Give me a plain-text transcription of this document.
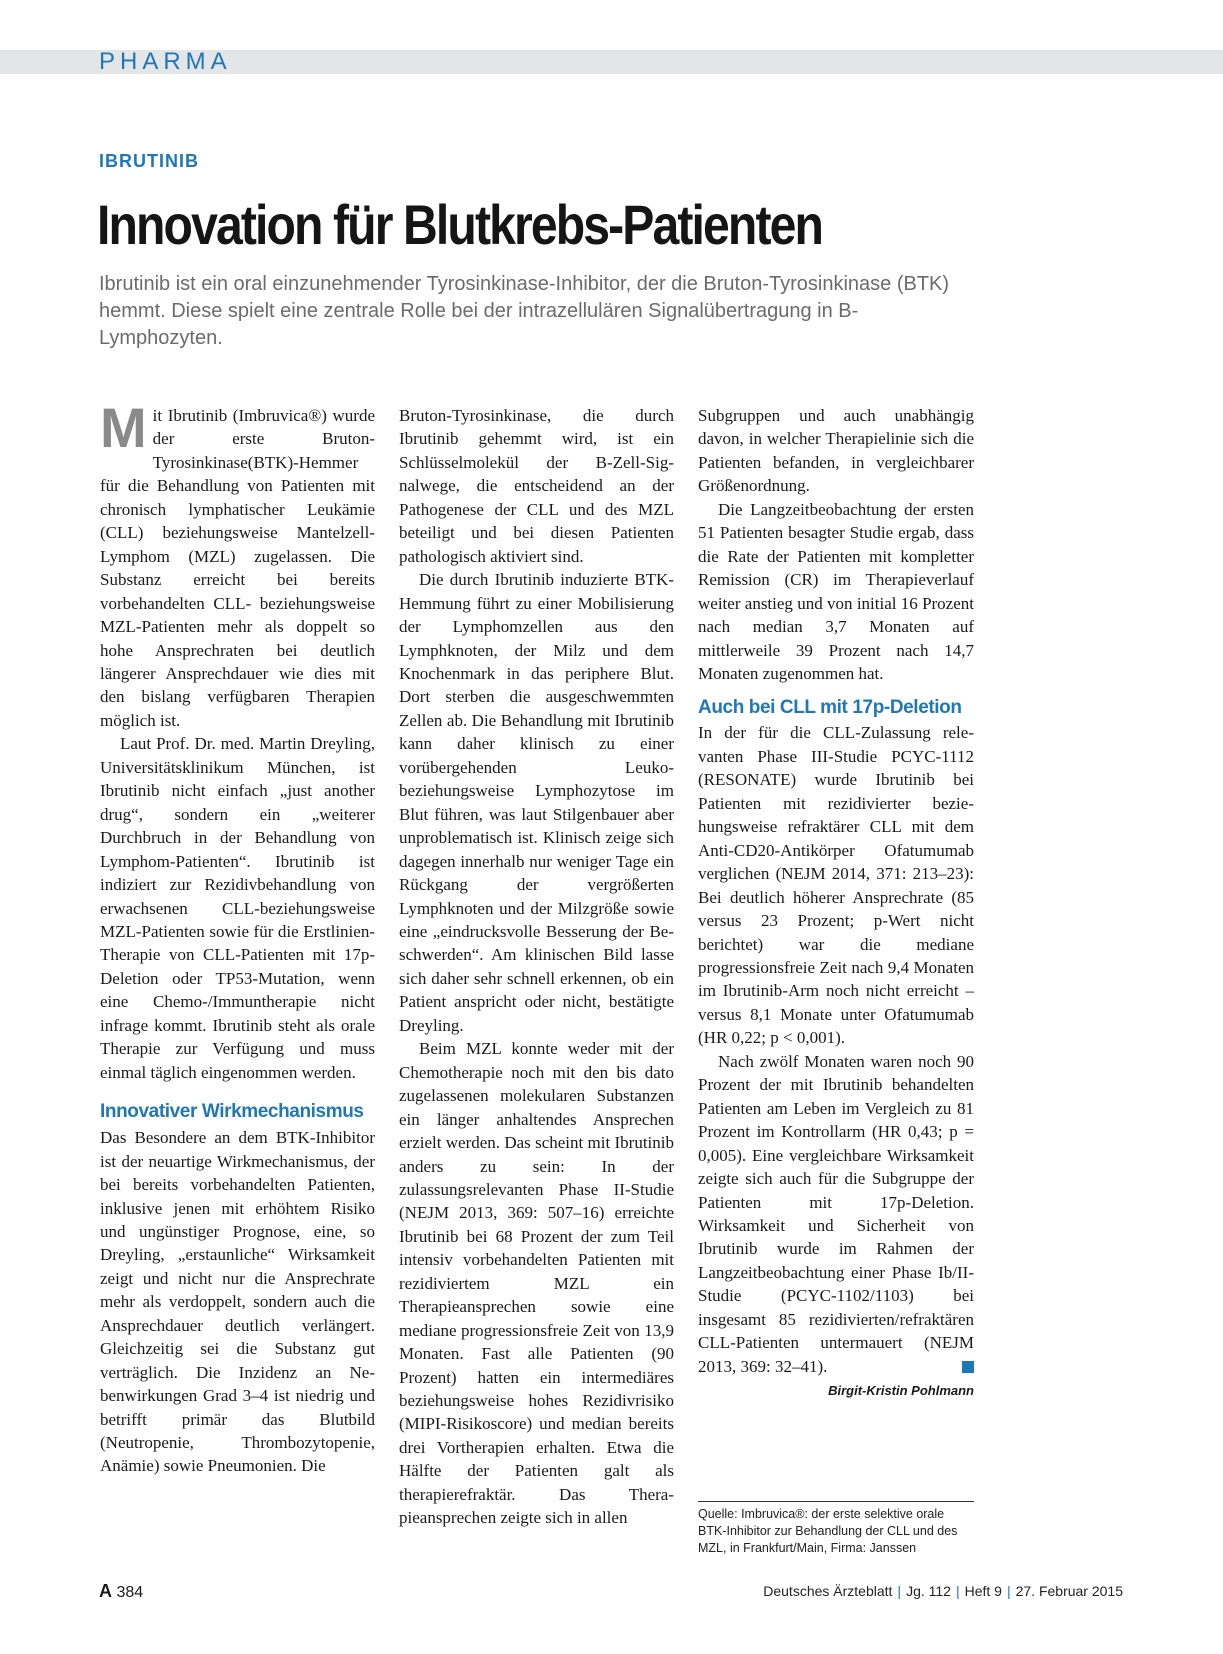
PHARMA
IBRUTINIB
Innovation für Blutkrebs-Patienten
Ibrutinib ist ein oral einzunehmender Tyrosinkinase-Inhibitor, der die Bruton-Tyrosinkinase (BTK) hemmt. Diese spielt eine zentrale Rolle bei der intrazellulären Signalübertragung in B-Lymphozyten.

Mit Ibrutinib (Imbruvica®) wurde der erste Bruton-Tyrosinkinase(BTK)-Hemmer für die Behandlung von Patienten mit chronisch lymphatischer Leukämie (CLL) beziehungsweise Mantelzell-Lymphom (MZL) zugelassen. Die Substanz erreicht bei bereits vorbehandelten CLL- beziehungsweise MZL-Patienten mehr als doppelt so hohe Ansprechraten bei deutlich längerer Ansprechdauer wie dies mit den bislang verfügbaren Therapien möglich ist.

Laut Prof. Dr. med. Martin Dreyling, Universitätsklinikum München, ist Ibrutinib nicht einfach „just another drug“, sondern ein „weiterer Durchbruch in der Behandlung von Lymphom-Patienten“. Ibrutinib ist indiziert zur Rezidivbehandlung von erwachsenen CLL-beziehungsweise MZL-Patienten sowie für die Erstlinien-Therapie von CLL-Patienten mit 17p-Deletion oder TP53-Mutation, wenn eine Chemo-/Immuntherapie nicht infrage kommt. Ibrutinib steht als orale Therapie zur Verfügung und muss einmal täglich eingenommen werden.

Innovativer Wirkmechanismus

Das Besondere an dem BTK-Inhibitor ist der neuartige Wirkmechanismus, der bei bereits vorbehandelten Patienten, inklusive jenen mit erhöhtem Risiko und ungünstiger Prognose, eine, so Dreyling, „erstaunliche“ Wirksamkeit zeigt und nicht nur die Ansprechrate mehr als verdoppelt, sondern auch die Ansprechdauer deutlich verlängert. Gleichzeitig sei die Substanz gut verträglich. Die Inzidenz an Nebenwirkungen Grad 3–4 ist niedrig und betrifft primär das Blutbild (Neutropenie, Thrombozytopenie, Anämie) sowie Pneumonien. Die

Bruton-Tyrosinkinase, die durch Ibrutinib gehemmt wird, ist ein Schlüsselmolekül der B-Zell-Signalwege, die entscheidend an der Pathogenese der CLL und des MZL beteiligt und bei diesen Patienten pathologisch aktiviert sind.

Die durch Ibrutinib induzierte BTK-Hemmung führt zu einer Mobilisierung der Lymphomzellen aus den Lymphknoten, der Milz und dem Knochenmark in das periphere Blut. Dort sterben die ausgeschwemmten Zellen ab. Die Behandlung mit Ibrutinib kann daher klinisch zu einer vorübergehenden Leuko- beziehungsweise Lymphozytose im Blut führen, was laut Stilgenbauer aber unproblematisch ist. Klinisch zeige sich dagegen innerhalb nur weniger Tage ein Rückgang der vergrößerten Lymphknoten und der Milzgröße sowie eine „eindrucksvolle Besserung der Beschwerden“. Am klinischen Bild lasse sich daher sehr schnell erkennen, ob ein Patient anspricht oder nicht, bestätigte Dreyling.

Beim MZL konnte weder mit der Chemotherapie noch mit den bis dato zugelassenen molekularen Substanzen ein länger anhaltendes Ansprechen erzielt werden. Das scheint mit Ibrutinib anders zu sein: In der zulassungsrelevanten Phase II-Studie (NEJM 2013, 369: 507–16) erreichte Ibrutinib bei 68 Prozent der zum Teil intensiv vorbehandelten Patienten mit rezidiviertem MZL ein Therapieansprechen sowie eine mediane progressionsfreie Zeit von 13,9 Monaten. Fast alle Patienten (90 Prozent) hatten ein intermediäres beziehungsweise hohes Rezidivrisiko (MIPI-Risikoscore) und median bereits drei Vortherapien erhalten. Etwa die Hälfte der Patienten galt als therapierefraktär. Das Therapieansprechen zeigte sich in allen

Subgruppen und auch unabhängig davon, in welcher Therapielinie sich die Patienten befanden, in vergleichbarer Größenordnung.

Die Langzeitbeobachtung der ersten 51 Patienten besagter Studie ergab, dass die Rate der Patienten mit kompletter Remission (CR) im Therapieverlauf weiter anstieg und von initial 16 Prozent nach median 3,7 Monaten auf mittlerweile 39 Prozent nach 14,7 Monaten zugenommen hat.

Auch bei CLL mit 17p-Deletion

In der für die CLL-Zulassung relevanten Phase III-Studie PCYC-1112 (RESONATE) wurde Ibrutinib bei Patienten mit rezidivierter beziehungsweise refraktärer CLL mit dem Anti-CD20-Antikörper Ofatumumab verglichen (NEJM 2014, 371: 213–23): Bei deutlich höherer Ansprechrate (85 versus 23 Prozent; p-Wert nicht berichtet) war die mediane progressionsfreie Zeit nach 9,4 Monaten im Ibrutinib-Arm noch nicht erreicht – versus 8,1 Monate unter Ofatumumab (HR 0,22; p < 0,001).

Nach zwölf Monaten waren noch 90 Prozent der mit Ibrutinib behandelten Patienten am Leben im Vergleich zu 81 Prozent im Kontrollarm (HR 0,43; p = 0,005). Eine vergleichbare Wirksamkeit zeigte sich auch für die Subgruppe der Patienten mit 17p-Deletion. Wirksamkeit und Sicherheit von Ibrutinib wurde im Rahmen der Langzeitbeobachtung einer Phase Ib/II-Studie (PCYC-1102/1103) bei insgesamt 85 rezidivierten/refraktären CLL-Patienten untermauert (NEJM 2013, 369: 32–41).

Birgit-Kristin Pohlmann
Quelle: Imbruvica®: der erste selektive orale BTK-Inhibitor zur Behandlung der CLL und des MZL, in Frankfurt/Main, Firma: Janssen
A 384	Deutsches Ärzteblatt | Jg. 112 | Heft 9 | 27. Februar 2015
